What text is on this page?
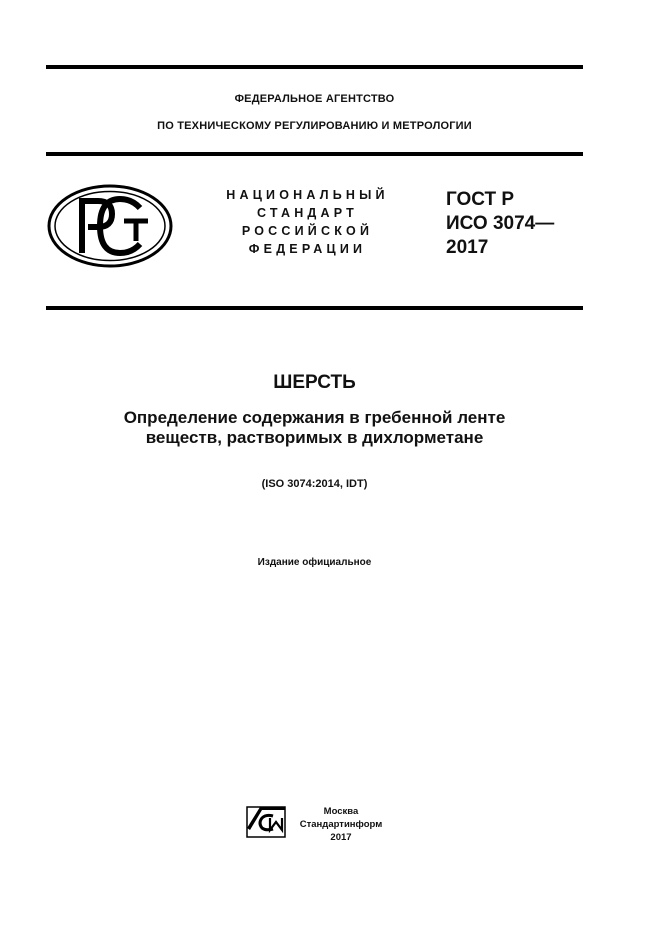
ФЕДЕРАЛЬНОЕ АГЕНТСТВО
ПО ТЕХНИЧЕСКОМУ РЕГУЛИРОВАНИЮ И МЕТРОЛОГИИ
НАЦИОНАЛЬНЫЙ
СТАНДАРТ
РОССИЙСКОЙ
ФЕДЕРАЦИИ
ГОСТ Р
ИСО 3074—
2017
ШЕРСТЬ
Определение содержания в гребенной ленте
веществ, растворимых в дихлорметане
(ISO 3074:2014, IDT)
Издание официальное
Москва
Стандартинформ
2017
